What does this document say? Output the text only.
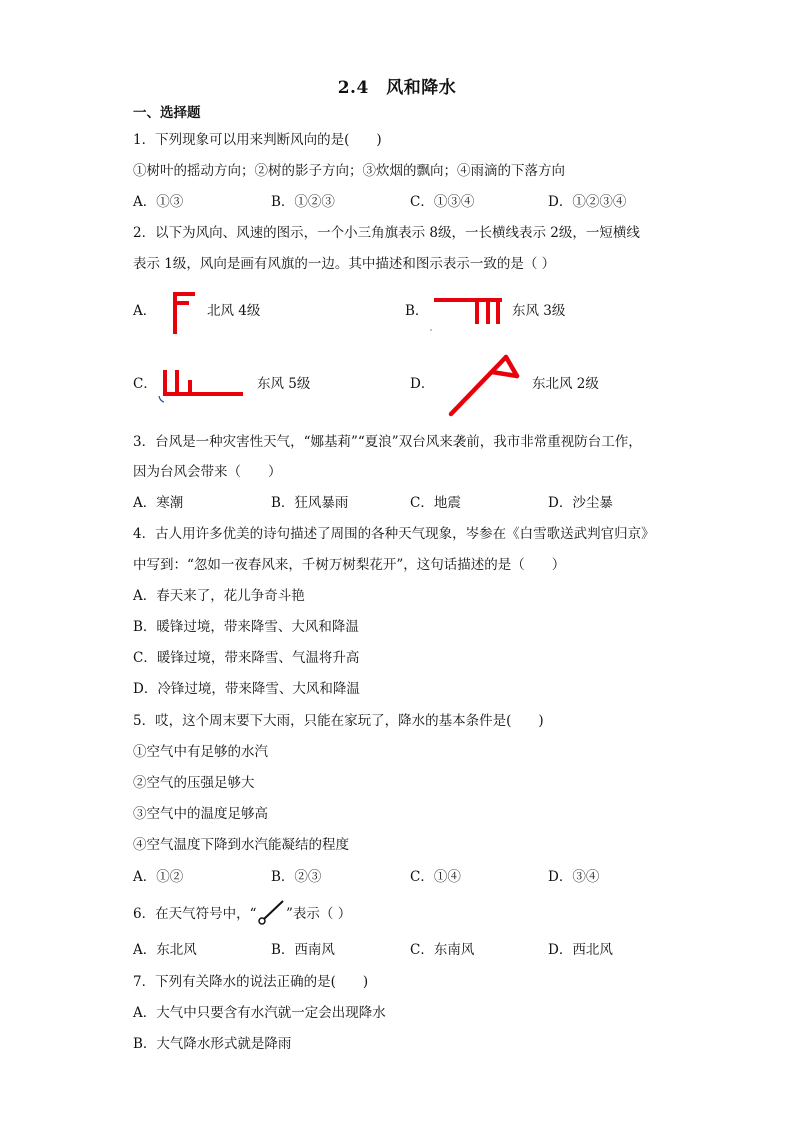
2.4　风和降水
一、选择题
1．下列现象可以用来判断风向的是(　　)
①树叶的摇动方向；②树的影子方向；③炊烟的飘向；④雨滴的下落方向
A．①③	B．①②③	C．①③④	D．①②③④
2．以下为风向、风速的图示，一个小三角旗表示 8级，一长横线表示 2级，一短横线
表示 1级，风向是画有风旗的一边。其中描述和图示表示一致的是（ ）
A．	北风 4级	B．	东风 3级
C．	东风 5级	D．	东北风 2级
3．台风是一种灾害性天气，“娜基莉”“夏浪”双台风来袭前，我市非常重视防台工作，
因为台风会带来（　　）
A．寒潮	B．狂风暴雨	C．地震	D．沙尘暴
4．古人用许多优美的诗句描述了周围的各种天气现象，岑参在《白雪歌送武判官归京》
中写到：“忽如一夜春风来，千树万树梨花开”，这句话描述的是（　　）
A．春天来了，花儿争奇斗艳
B．暖锋过境，带来降雪、大风和降温
C．暖锋过境，带来降雪、气温将升高
D．冷锋过境，带来降雪、大风和降温
5．哎，这个周末要下大雨，只能在家玩了，降水的基本条件是(　　)
①空气中有足够的水汽
②空气的压强足够大
③空气中的温度足够高
④空气温度下降到水汽能凝结的程度
A．①②	B．②③	C．①④	D．③④
6．在天气符号中，“ ”表示（ ）
A．东北风	B．西南风	C．东南风	D．西北风
7．下列有关降水的说法正确的是(　　)
A．大气中只要含有水汽就一定会出现降水
B．大气降水形式就是降雨
